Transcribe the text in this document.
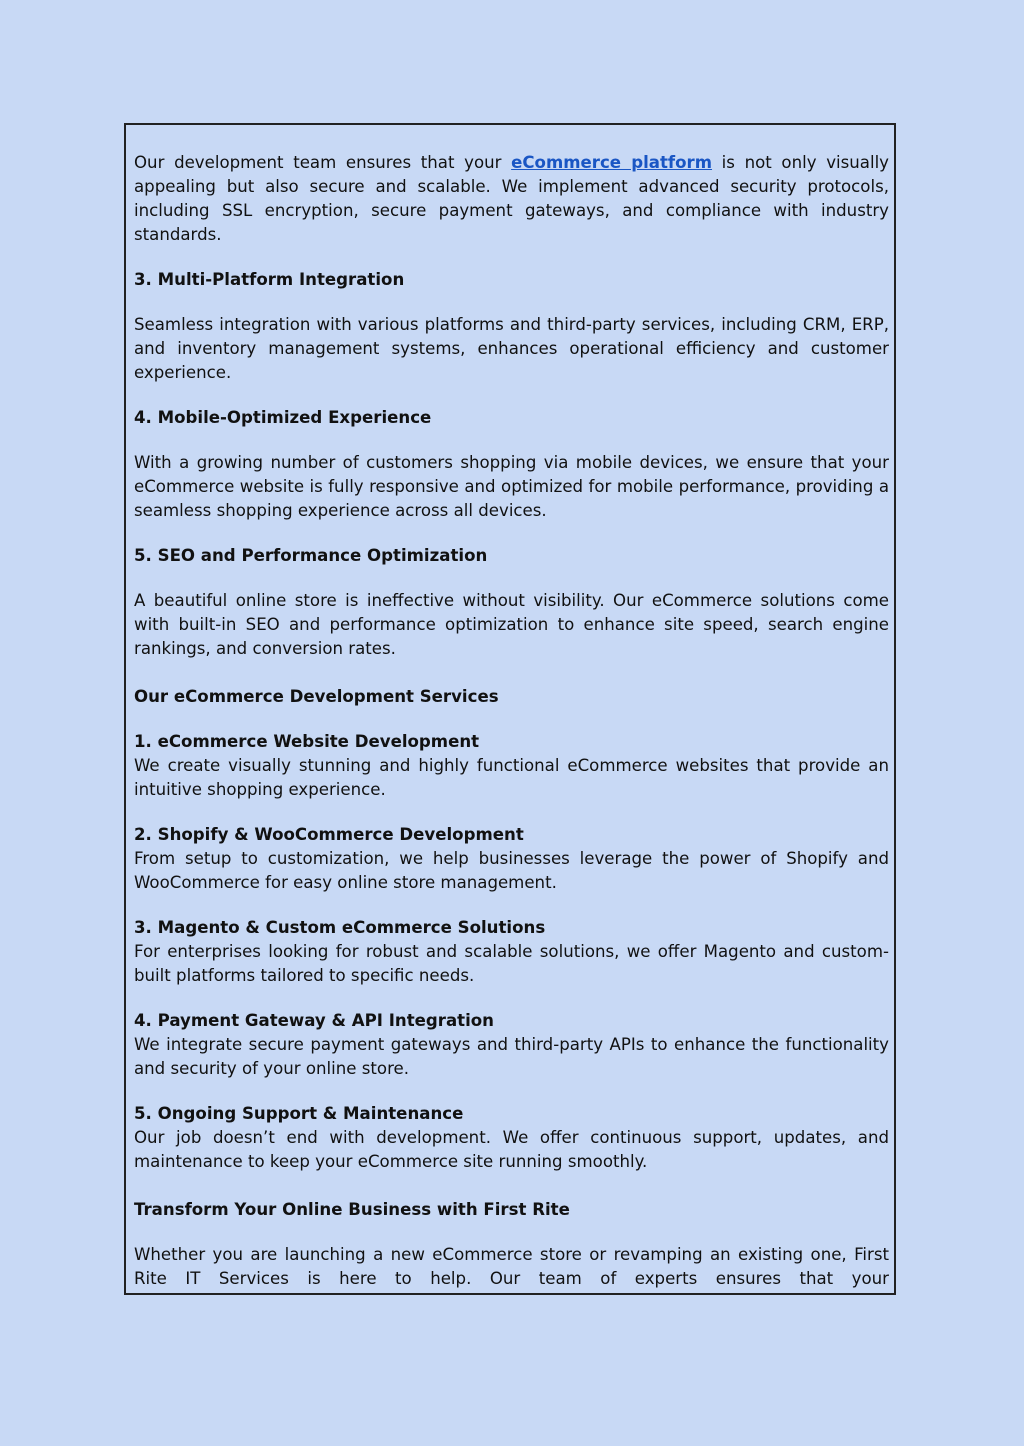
Our development team ensures that your eCommerce platform is not only visually appealing but also secure and scalable. We implement advanced security protocols, including SSL encryption, secure payment gateways, and compliance with industry standards.

3. Multi-Platform Integration

Seamless integration with various platforms and third-party services, including CRM, ERP, and inventory management systems, enhances operational efficiency and customer experience.

4. Mobile-Optimized Experience

With a growing number of customers shopping via mobile devices, we ensure that your eCommerce website is fully responsive and optimized for mobile performance, providing a seamless shopping experience across all devices.

5. SEO and Performance Optimization

A beautiful online store is ineffective without visibility. Our eCommerce solutions come with built-in SEO and performance optimization to enhance site speed, search engine rankings, and conversion rates.

Our eCommerce Development Services
1. eCommerce Website Development

We create visually stunning and highly functional eCommerce websites that provide an intuitive shopping experience.

2. Shopify & WooCommerce Development

From setup to customization, we help businesses leverage the power of Shopify and WooCommerce for easy online store management.

3. Magento & Custom eCommerce Solutions

For enterprises looking for robust and scalable solutions, we offer Magento and custom-built platforms tailored to specific needs.

4. Payment Gateway & API Integration

We integrate secure payment gateways and third-party APIs to enhance the functionality and security of your online store.

5. Ongoing Support & Maintenance

Our job doesn’t end with development. We offer continuous support, updates, and maintenance to keep your eCommerce site running smoothly.

Transform Your Online Business with First Rite

Whether you are launching a new eCommerce store or revamping an existing one, First Rite IT Services is here to help. Our team of experts ensures that your
